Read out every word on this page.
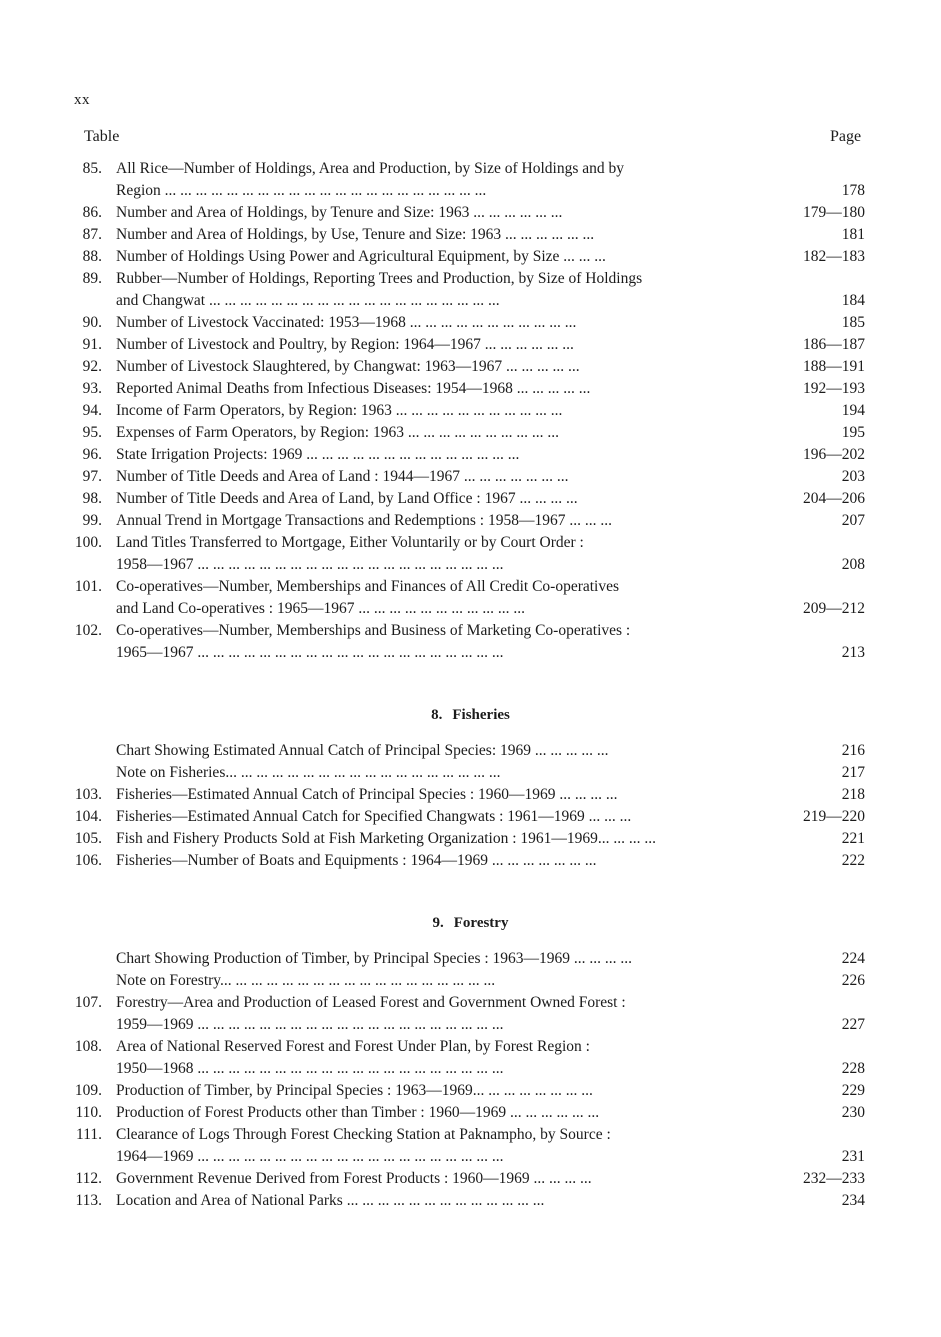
xx
Table	Page
85. All Rice—Number of Holdings, Area and Production, by Size of Holdings and by
Region ... ... ... ... ... ... ... ... ... ... ... ... ... ... ... ... ... ... ... ... ...	178
86. Number and Area of Holdings, by Tenure and Size: 1963 ... ... ... ... ... ...	179—180
87. Number and Area of Holdings, by Use, Tenure and Size: 1963 ... ... ... ... ... ...	181
88. Number of Holdings Using Power and Agricultural Equipment, by Size ... ... ...	182—183
89. Rubber—Number of Holdings, Reporting Trees and Production, by Size of Holdings
and Changwat ... ... ... ... ... ... ... ... ... ... ... ... ... ... ... ... ... ... ...	184
90. Number of Livestock Vaccinated: 1953—1968 ... ... ... ... ... ... ... ... ... ... ...	185
91. Number of Livestock and Poultry, by Region: 1964—1967 ... ... ... ... ... ...	186—187
92. Number of Livestock Slaughtered, by Changwat: 1963—1967 ... ... ... ... ...	188—191
93. Reported Animal Deaths from Infectious Diseases: 1954—1968 ... ... ... ... ...	192—193
94. Income of Farm Operators, by Region: 1963 ... ... ... ... ... ... ... ... ... ... ...	194
95. Expenses of Farm Operators, by Region: 1963 ... ... ... ... ... ... ... ... ... ...	195
96. State Irrigation Projects: 1969 ... ... ... ... ... ... ... ... ... ... ... ... ... ...	196—202
97. Number of Title Deeds and Area of Land : 1944—1967 ... ... ... ... ... ... ...	203
98. Number of Title Deeds and Area of Land, by Land Office : 1967 ... ... ... ...	204—206
99. Annual Trend in Mortgage Transactions and Redemptions : 1958—1967 ... ... ...	207
100. Land Titles Transferred to Mortgage, Either Voluntarily or by Court Order :
1958—1967 ... ... ... ... ... ... ... ... ... ... ... ... ... ... ... ... ... ... ... ...	208
101. Co-operatives—Number, Memberships and Finances of All Credit Co-operatives
and Land Co-operatives : 1965—1967 ... ... ... ... ... ... ... ... ... ... ...	209—212
102. Co-operatives—Number, Memberships and Business of Marketing Co-operatives :
1965—1967 ... ... ... ... ... ... ... ... ... ... ... ... ... ... ... ... ... ... ... ...	213
8. Fisheries
Chart Showing Estimated Annual Catch of Principal Species: 1969 ... ... ... ... ...	216
Note on Fisheries... ... ... ... ... ... ... ... ... ... ... ... ... ... ... ... ... ...	217
103. Fisheries—Estimated Annual Catch of Principal Species : 1960—1969 ... ... ... ...	218
104. Fisheries—Estimated Annual Catch for Specified Changwats : 1961—1969 ... ... ...	219—220
105. Fish and Fishery Products Sold at Fish Marketing Organization : 1961—1969... ... ... ...	221
106. Fisheries—Number of Boats and Equipments : 1964—1969 ... ... ... ... ... ... ...	222
9. Forestry
Chart Showing Production of Timber, by Principal Species : 1963—1969 ... ... ... ...	224
Note on Forestry... ... ... ... ... ... ... ... ... ... ... ... ... ... ... ... ... ...	226
107. Forestry—Area and Production of Leased Forest and Government Owned Forest :
1959—1969 ... ... ... ... ... ... ... ... ... ... ... ... ... ... ... ... ... ... ... ...	227
108. Area of National Reserved Forest and Forest Under Plan, by Forest Region :
1950—1968 ... ... ... ... ... ... ... ... ... ... ... ... ... ... ... ... ... ... ... ...	228
109. Production of Timber, by Principal Species : 1963—1969... ... ... ... ... ... ... ...	229
110. Production of Forest Products other than Timber : 1960—1969 ... ... ... ... ... ...	230
111. Clearance of Logs Through Forest Checking Station at Paknampho, by Source :
1964—1969 ... ... ... ... ... ... ... ... ... ... ... ... ... ... ... ... ... ... ... ...	231
112. Government Revenue Derived from Forest Products : 1960—1969 ... ... ... ...	232—233
113. Location and Area of National Parks ... ... ... ... ... ... ... ... ... ... ... ... ...	234
